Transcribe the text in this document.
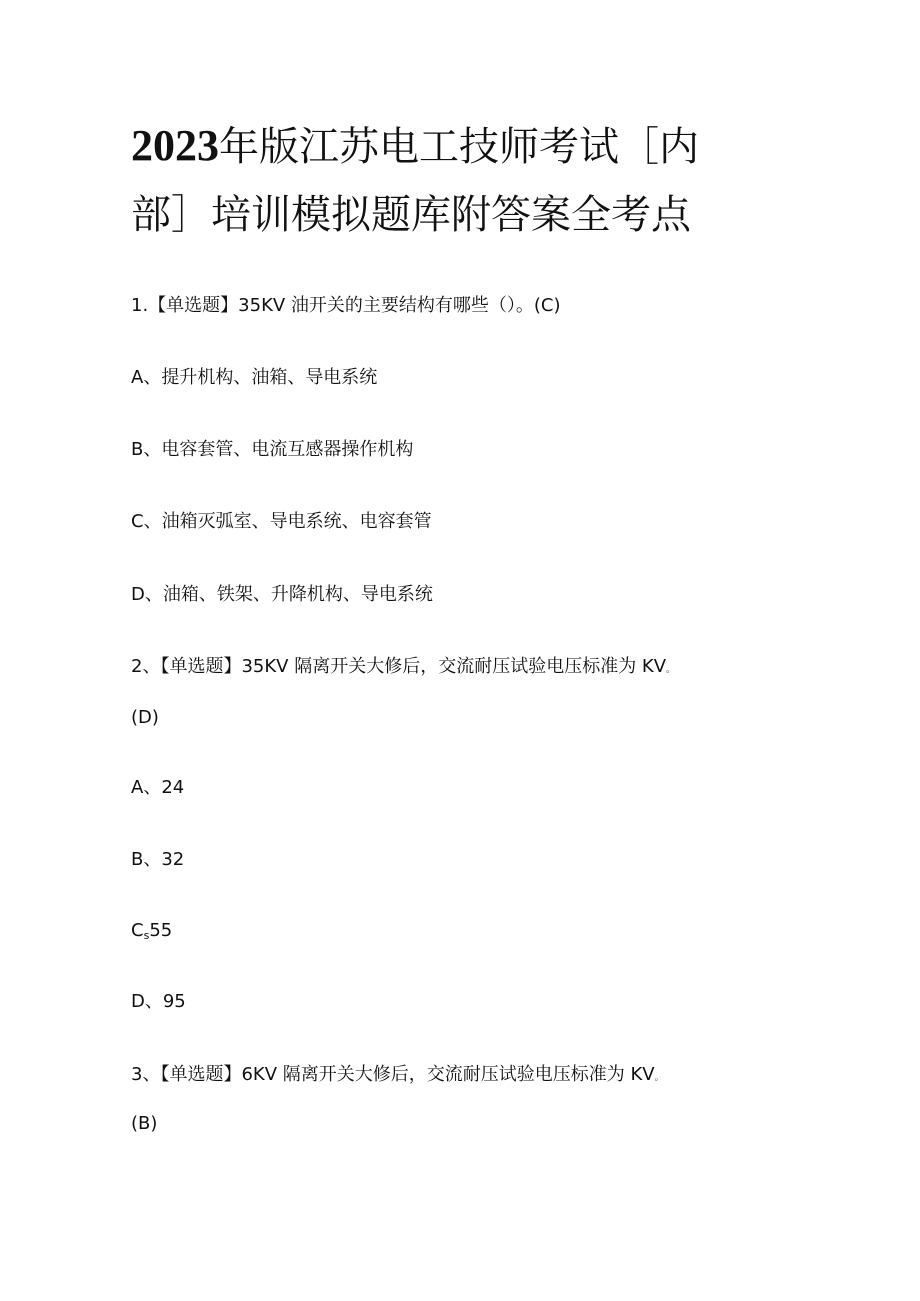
2023年版江苏电工技师考试［内
部］培训模拟题库附答案全考点
1.【单选题】35KV 油开关的主要结构有哪些（）。(C)
A、提升机构、油箱、导电系统
B、电容套管、电流互感器操作机构
C、油箱灭弧室、导电系统、电容套管
D、油箱、铁架、升降机构、导电系统
2、【单选题】35KV 隔离开关大修后，交流耐压试验电压标准为 KV。
(D)
A、24
B、32
Cs55
D、95
3、【单选题】6KV 隔离开关大修后，交流耐压试验电压标准为 KV。
(B)
